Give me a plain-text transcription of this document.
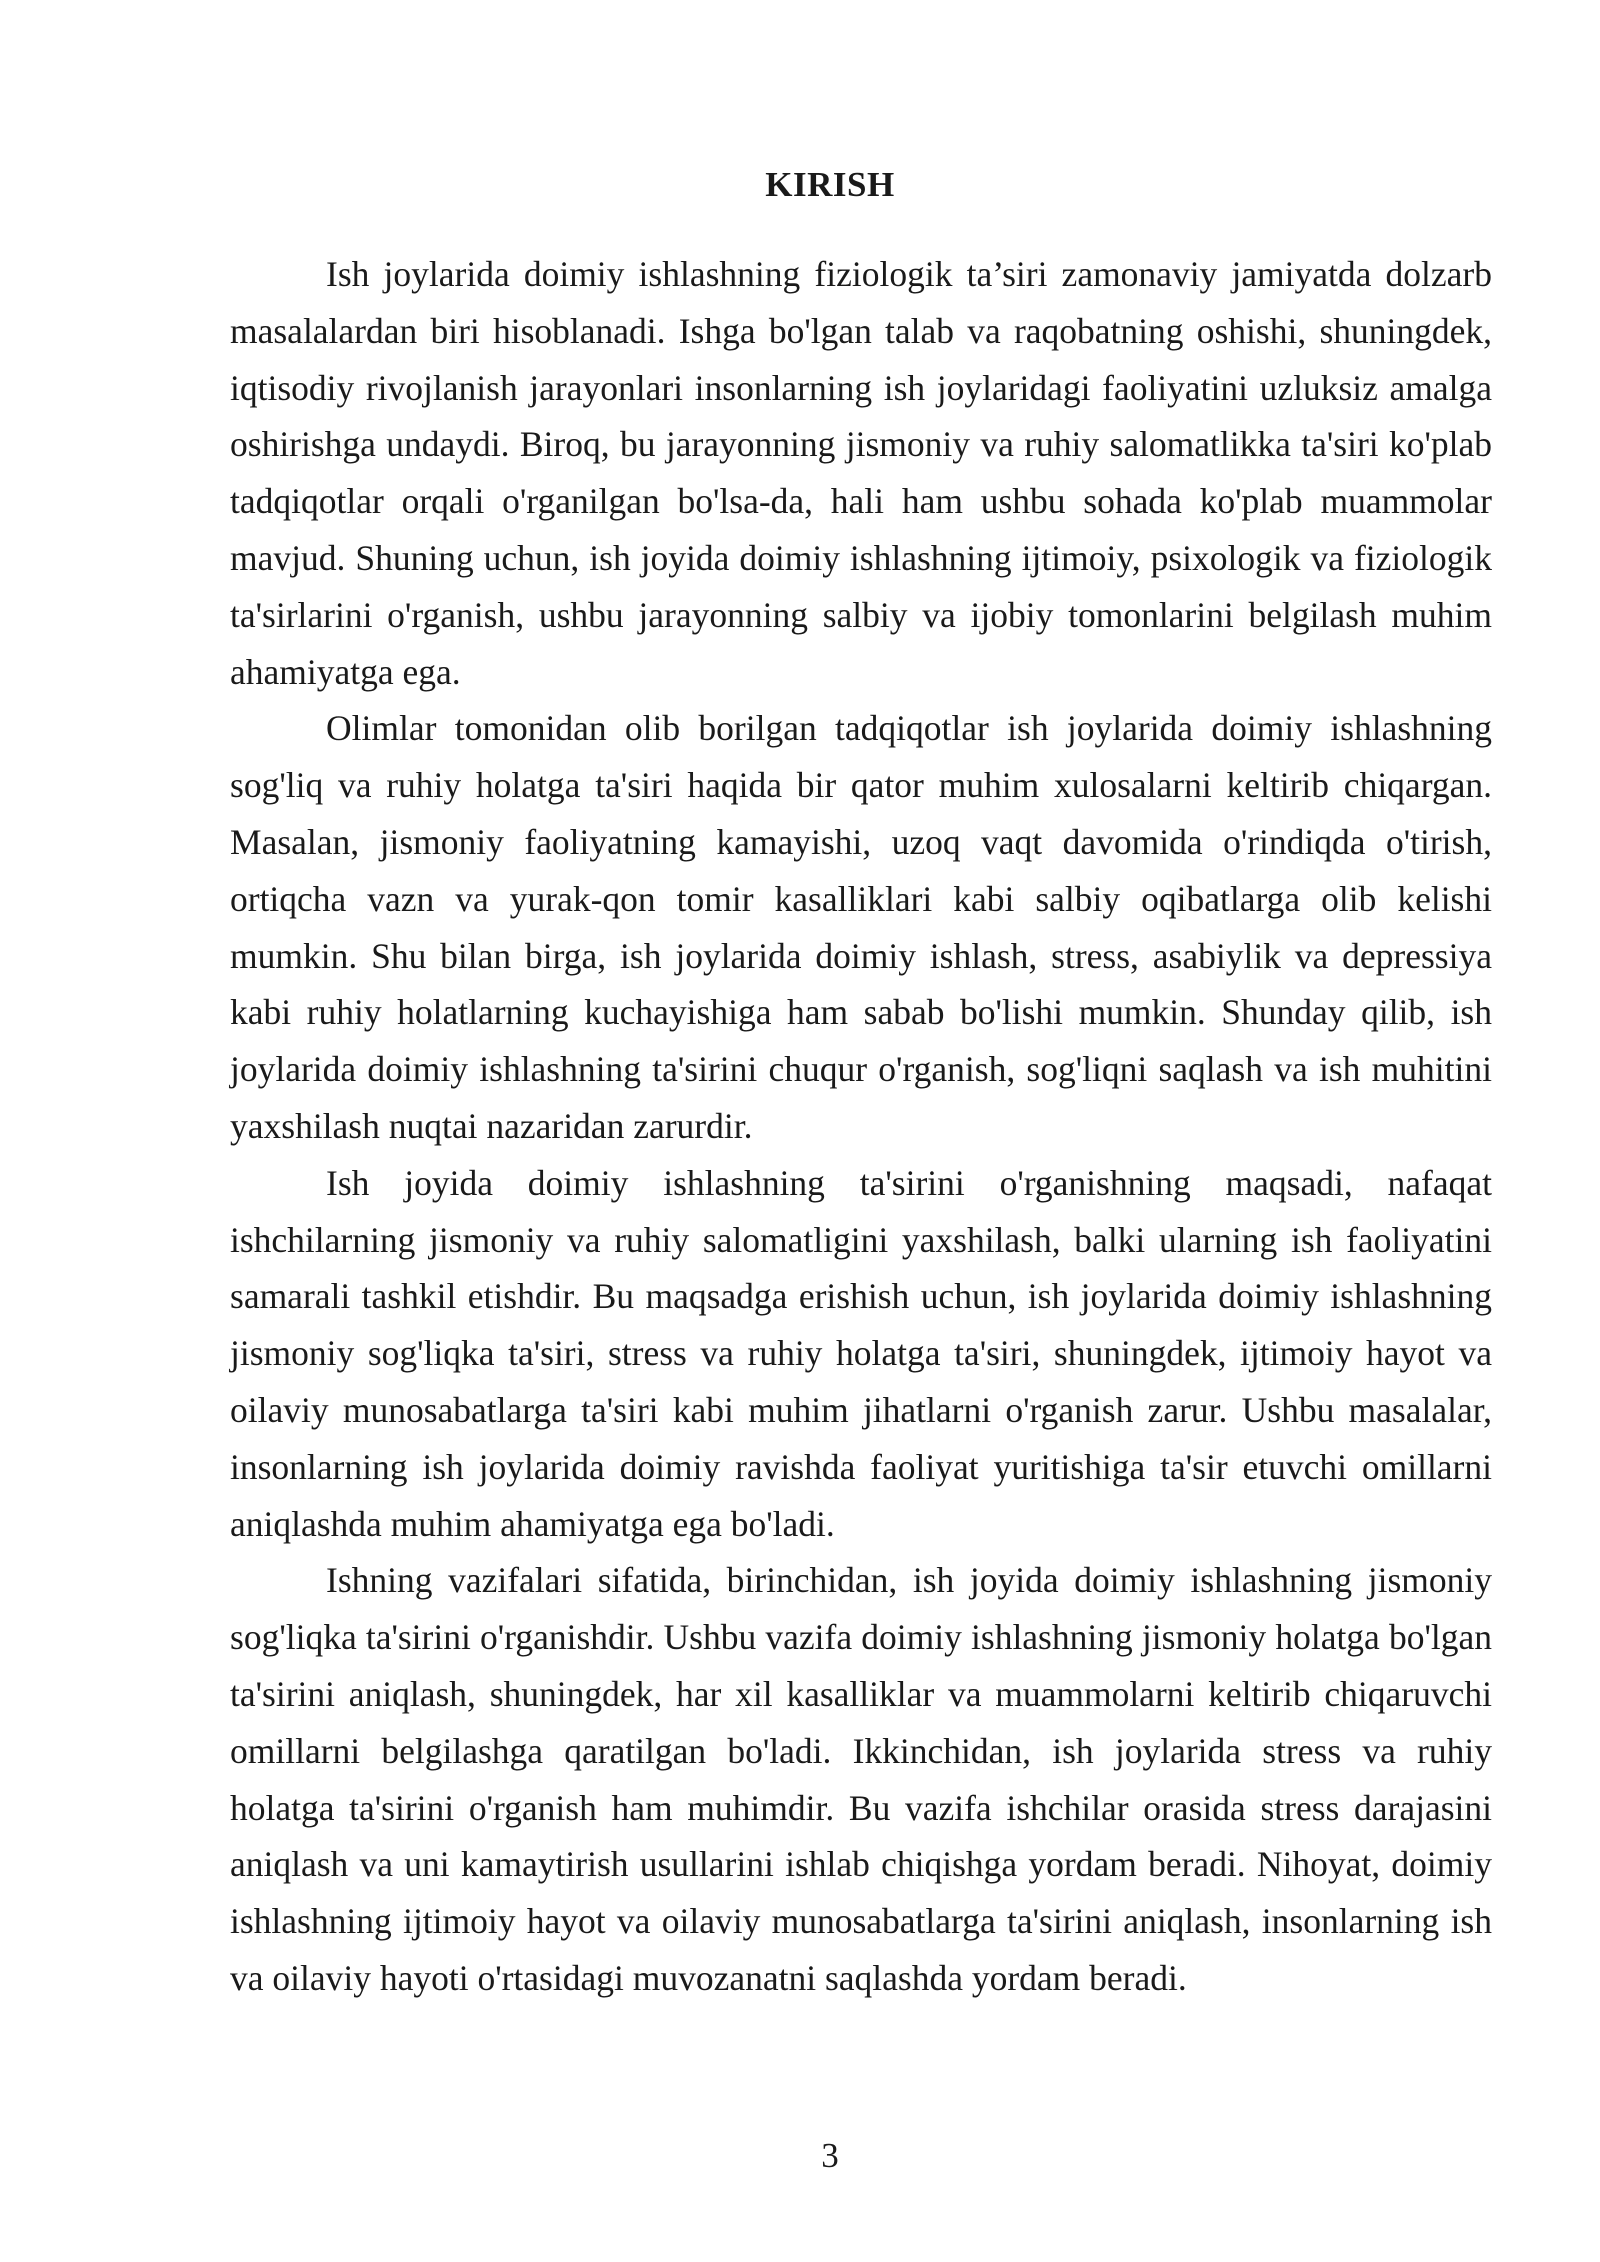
KIRISH

Ish joylarida doimiy ishlashning fiziologik ta’siri zamonaviy jamiyatda dolzarb masalalardan biri hisoblanadi. Ishga bo'lgan talab va raqobatning oshishi, shuningdek, iqtisodiy rivojlanish jarayonlari insonlarning ish joylaridagi faoliyatini uzluksiz amalga oshirishga undaydi. Biroq, bu jarayonning jismoniy va ruhiy salomatlikka ta'siri ko'plab tadqiqotlar orqali o'rganilgan bo'lsa-da, hali ham ushbu sohada ko'plab muammolar mavjud. Shuning uchun, ish joyida doimiy ishlashning ijtimoiy, psixologik va fiziologik ta'sirlarini o'rganish, ushbu jarayonning salbiy va ijobiy tomonlarini belgilash muhim ahamiyatga ega.

Olimlar tomonidan olib borilgan tadqiqotlar ish joylarida doimiy ishlashning sog'liq va ruhiy holatga ta'siri haqida bir qator muhim xulosalarni keltirib chiqargan. Masalan, jismoniy faoliyatning kamayishi, uzoq vaqt davomida o'rindiqda o'tirish, ortiqcha vazn va yurak-qon tomir kasalliklari kabi salbiy oqibatlarga olib kelishi mumkin. Shu bilan birga, ish joylarida doimiy ishlash, stress, asabiylik va depressiya kabi ruhiy holatlarning kuchayishiga ham sabab bo'lishi mumkin. Shunday qilib, ish joylarida doimiy ishlashning ta'sirini chuqur o'rganish, sog'liqni saqlash va ish muhitini yaxshilash nuqtai nazaridan zarurdir.

Ish joyida doimiy ishlashning ta'sirini o'rganishning maqsadi, nafaqat ishchilarning jismoniy va ruhiy salomatligini yaxshilash, balki ularning ish faoliyatini samarali tashkil etishdir. Bu maqsadga erishish uchun, ish joylarida doimiy ishlashning jismoniy sog'liqka ta'siri, stress va ruhiy holatga ta'siri, shuningdek, ijtimoiy hayot va oilaviy munosabatlarga ta'siri kabi muhim jihatlarni o'rganish zarur. Ushbu masalalar, insonlarning ish joylarida doimiy ravishda faoliyat yuritishiga ta'sir etuvchi omillarni aniqlashda muhim ahamiyatga ega bo'ladi.

Ishning vazifalari sifatida, birinchidan, ish joyida doimiy ishlashning jismoniy sog'liqka ta'sirini o'rganishdir. Ushbu vazifa doimiy ishlashning jismoniy holatga bo'lgan ta'sirini aniqlash, shuningdek, har xil kasalliklar va muammolarni keltirib chiqaruvchi omillarni belgilashga qaratilgan bo'ladi. Ikkinchidan, ish joylarida stress va ruhiy holatga ta'sirini o'rganish ham muhimdir. Bu vazifa ishchilar orasida stress darajasini aniqlash va uni kamaytirish usullarini ishlab chiqishga yordam beradi. Nihoyat, doimiy ishlashning ijtimoiy hayot va oilaviy munosabatlarga ta'sirini aniqlash, insonlarning ish va oilaviy hayoti o'rtasidagi muvozanatni saqlashda yordam beradi.

3
